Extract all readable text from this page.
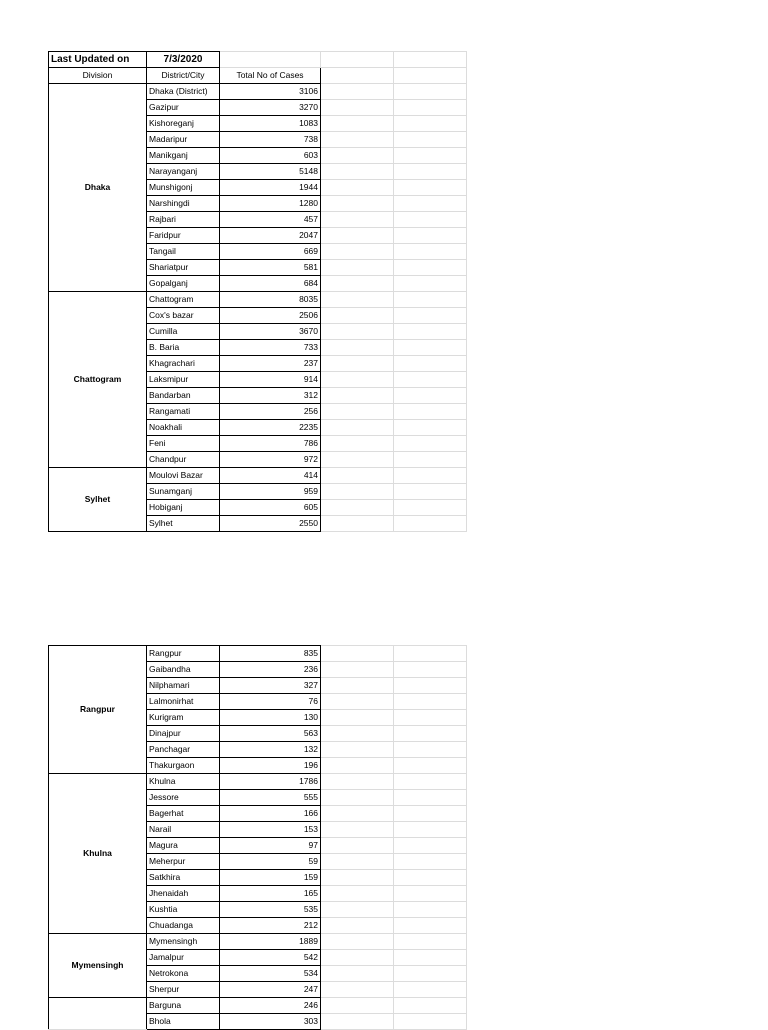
Last Updated on	7/3/2020			
Division	District/City	Total No of Cases		
Dhaka	Dhaka (District)	3106		
	Gazipur	3270		
	Kishoreganj	1083		
	Madaripur	738		
	Manikganj	603		
	Narayanganj	5148		
	Munshigonj	1944		
	Narshingdi	1280		
	Rajbari	457		
	Faridpur	2047		
	Tangail	669		
	Shariatpur	581		
	Gopalganj	684		
Chattogram	Chattogram	8035		
	Cox's bazar	2506		
	Cumilla	3670		
	B. Baria	733		
	Khagrachari	237		
	Laksmipur	914		
	Bandarban	312		
	Rangamati	256		
	Noakhali	2235		
	Feni	786		
	Chandpur	972		
Sylhet	Moulovi Bazar	414		
	Sunamganj	959		
	Hobiganj	605		
	Sylhet	2550		
Rangpur	Rangpur	835		
	Gaibandha	236		
	Nilphamari	327		
	Lalmonirhat	76		
	Kurigram	130		
	Dinajpur	563		
	Panchagar	132		
	Thakurgaon	196		
Khulna	Khulna	1786		
	Jessore	555		
	Bagerhat	166		
	Narail	153		
	Magura	97		
	Meherpur	59		
	Satkhira	159		
	Jhenaidah	165		
	Kushtia	535		
	Chuadanga	212		
Mymensingh	Mymensingh	1889		
	Jamalpur	542		
	Netrokona	534		
	Sherpur	247		
	Barguna	246		
	Bhola	303		
